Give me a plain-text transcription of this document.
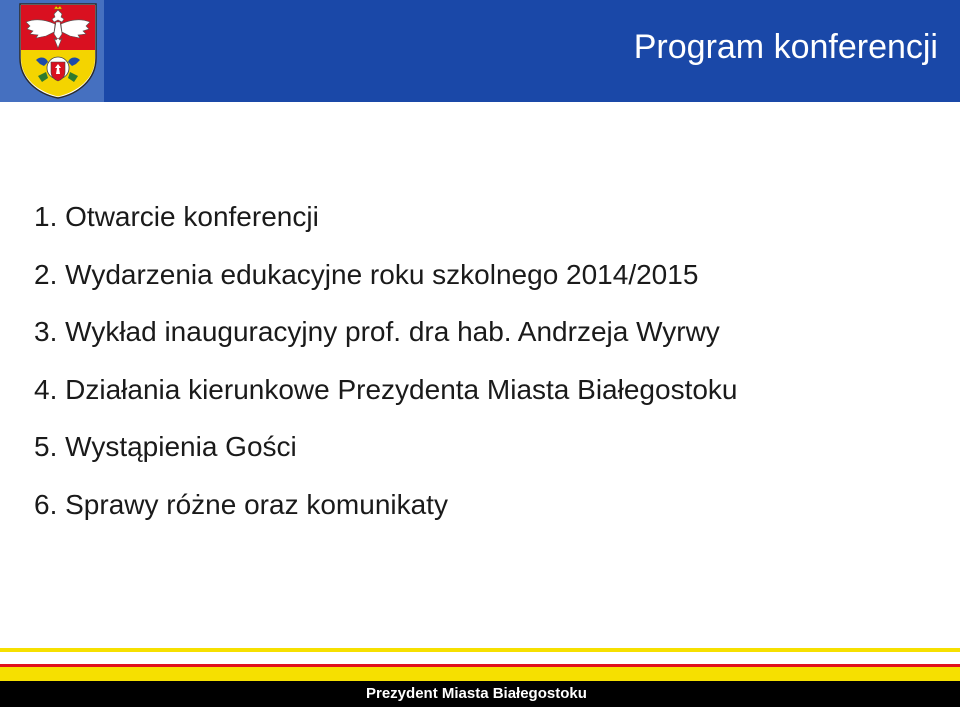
Program konferencji
1. Otwarcie konferencji
2. Wydarzenia edukacyjne roku szkolnego 2014/2015
3. Wykład inauguracyjny prof. dra hab. Andrzeja Wyrwy
4. Działania kierunkowe Prezydenta Miasta Białegostoku
5. Wystąpienia Gości
6. Sprawy różne oraz komunikaty
Prezydent Miasta Białegostoku
